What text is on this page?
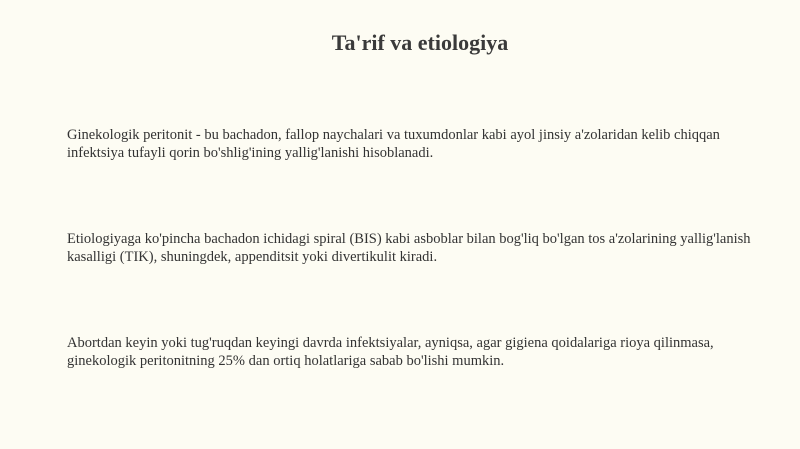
Ta'rif va etiologiya

Ginekologik peritonit - bu bachadon, fallop naychalari va tuxumdonlar kabi ayol jinsiy a'zolaridan kelib chiqqan infektsiya tufayli qorin bo'shlig'ining yallig'lanishi hisoblanadi.

Etiologiyaga ko'pincha bachadon ichidagi spiral (BIS) kabi asboblar bilan bog'liq bo'lgan tos a'zolarining yallig'lanish kasalligi (TIK), shuningdek, appenditsit yoki divertikulit kiradi.

Abortdan keyin yoki tug'ruqdan keyingi davrda infektsiyalar, ayniqsa, agar gigiena qoidalariga rioya qilinmasa, ginekologik peritonitning 25% dan ortiq holatlariga sabab bo'lishi mumkin.
